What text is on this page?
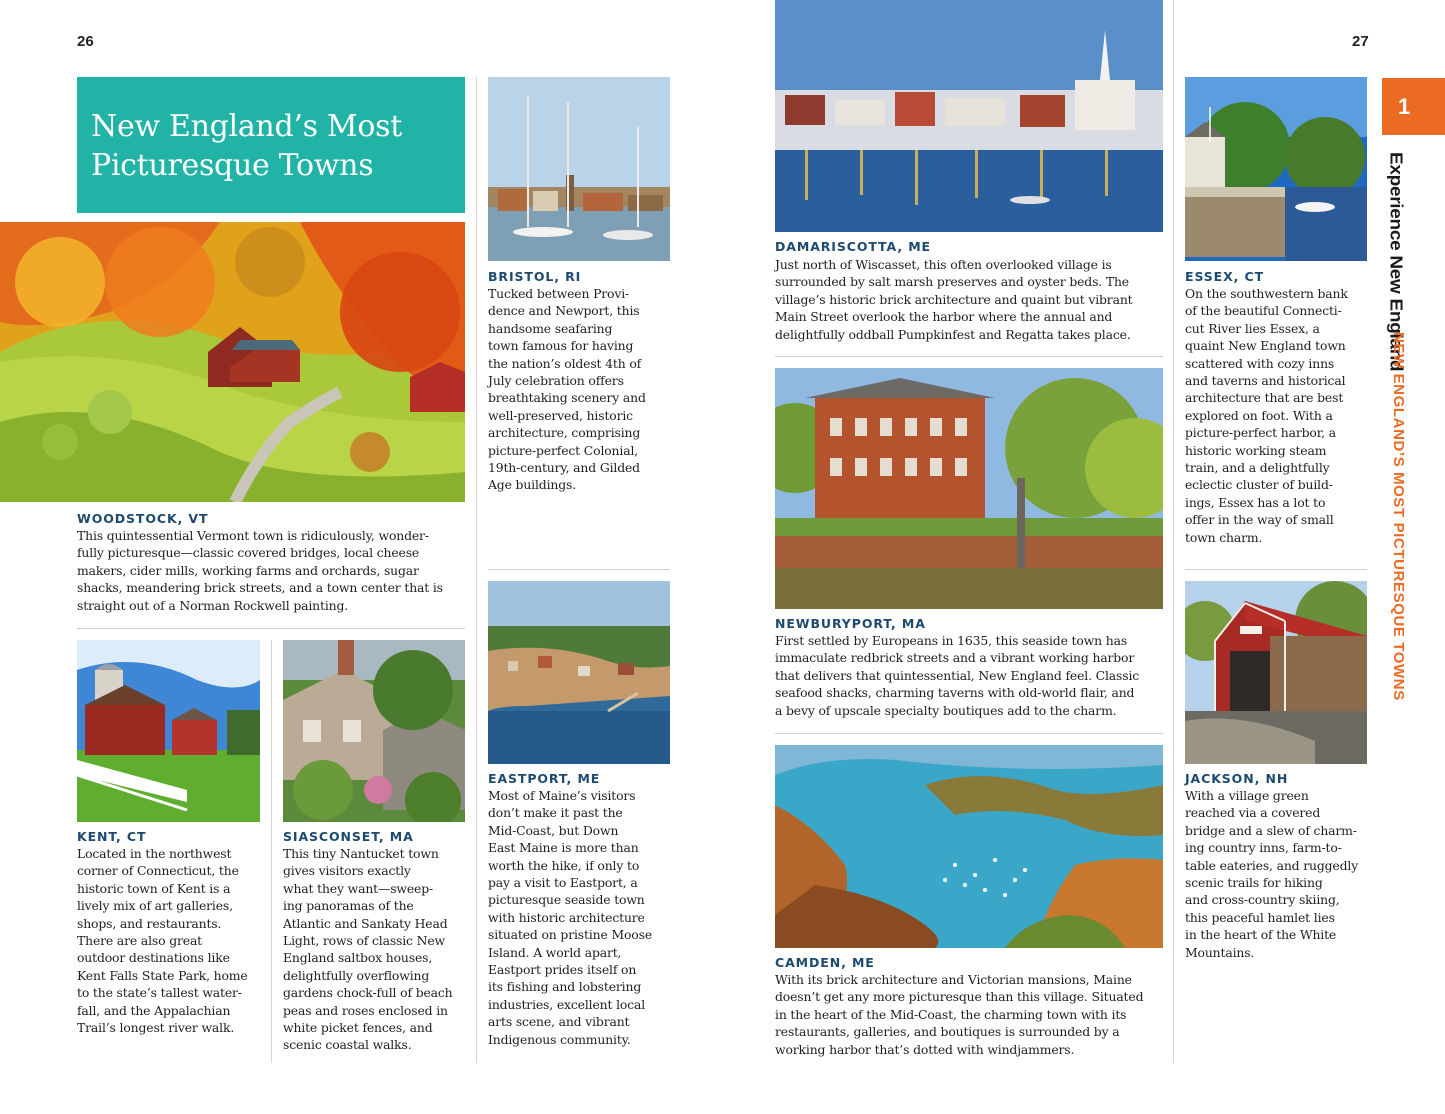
26	27
New England’s Most
Picturesque Towns
WOODSTOCK, VT

This quintessential Vermont town is ridiculously, wonder-

fully picturesque—classic covered bridges, local cheese

makers, cider mills, working farms and orchards, sugar

shacks, meandering brick streets, and a town center that is

straight out of a Norman Rockwell painting.

BRISTOL, RI

Tucked between Provi-

dence and Newport, this

handsome seafaring

town famous for having

the nation’s oldest 4th of

July celebration offers

breathtaking scenery and

well-preserved, historic

architecture, comprising

picture-perfect Colonial,

19th-century, and Gilded

Age buildings.

KENT, CT

Located in the northwest

corner of Connecticut, the

historic town of Kent is a

lively mix of art galleries,

shops, and restaurants.

There are also great

outdoor destinations like

Kent Falls State Park, home

to the state’s tallest water-

fall, and the Appalachian

Trail’s longest river walk.

SIASCONSET, MA

This tiny Nantucket town

gives visitors exactly

what they want—sweep-

ing panoramas of the

Atlantic and Sankaty Head

Light, rows of classic New

England saltbox houses,

delightfully overflowing

gardens chock-full of beach

peas and roses enclosed in

white picket fences, and

scenic coastal walks.

EASTPORT, ME

Most of Maine’s visitors

don’t make it past the

Mid-Coast, but Down

East Maine is more than

worth the hike, if only to

pay a visit to Eastport, a

picturesque seaside town

with historic architecture

situated on pristine Moose

Island. A world apart,

Eastport prides itself on

its fishing and lobstering

industries, excellent local

arts scene, and vibrant

Indigenous community.

DAMARISCOTTA, ME

Just north of Wiscasset, this often overlooked village is

surrounded by salt marsh preserves and oyster beds. The

village’s historic brick architecture and quaint but vibrant

Main Street overlook the harbor where the annual and

delightfully oddball Pumpkinfest and Regatta takes place.

NEWBURYPORT, MA

First settled by Europeans in 1635, this seaside town has

immaculate redbrick streets and a vibrant working harbor

that delivers that quintessential, New England feel. Classic

seafood shacks, charming taverns with old-world flair, and

a bevy of upscale specialty boutiques add to the charm.

CAMDEN, ME

With its brick architecture and Victorian mansions, Maine

doesn’t get any more picturesque than this village. Situated

in the heart of the Mid-Coast, the charming town with its

restaurants, galleries, and boutiques is surrounded by a

working harbor that’s dotted with windjammers.

ESSEX, CT

On the southwestern bank

of the beautiful Connecti-

cut River lies Essex, a

quaint New England town

scattered with cozy inns

and taverns and historical

architecture that are best

explored on foot. With a

picture-perfect harbor, a

historic working steam

train, and a delightfully

eclectic cluster of build-

ings, Essex has a lot to

offer in the way of small

town charm.

JACKSON, NH

With a village green

reached via a covered

bridge and a slew of charm-

ing country inns, farm-to-

table eateries, and ruggedly

scenic trails for hiking

and cross-country skiing,

this peaceful hamlet lies

in the heart of the White

Mountains.

1
Experience New England
NEW ENGLAND’S MOST PICTURESQUE TOWNS
